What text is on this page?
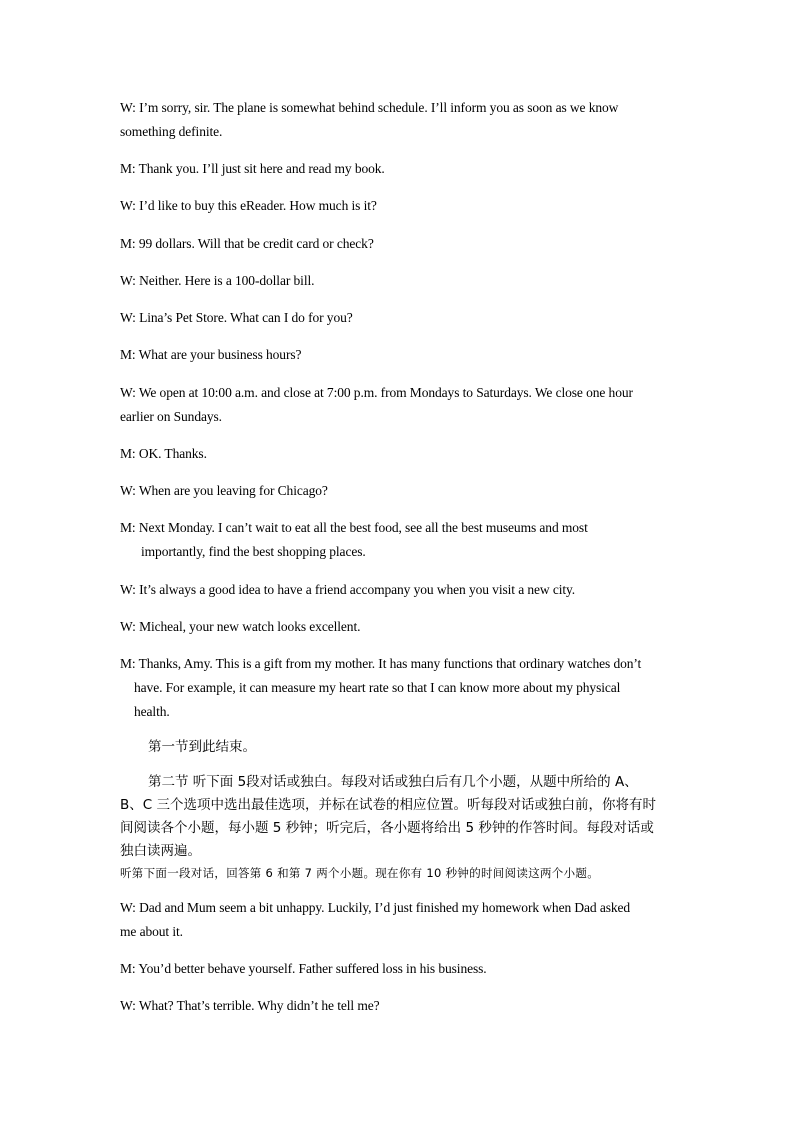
W: I’m sorry, sir. The plane is somewhat behind schedule. I’ll inform you as soon as we know
something definite.
M: Thank you. I’ll just sit here and read my book.
W: I’d like to buy this eReader. How much is it?
M: 99 dollars. Will that be credit card or check?
W: Neither. Here is a 100-dollar bill.
W: Lina’s Pet Store. What can I do for you?
M: What are your business hours?
W: We open at 10:00 a.m. and close at 7:00 p.m. from Mondays to Saturdays. We close one hour
earlier on Sundays.
M: OK. Thanks.
W: When are you leaving for Chicago?
M: Next Monday. I can’t wait to eat all the best food, see all the best museums and most
importantly, find the best shopping places.
W: It’s always a good idea to have a friend accompany you when you visit a new city.
W: Micheal, your new watch looks excellent.
M: Thanks, Amy. This is a gift from my mother. It has many functions that ordinary watches don’t
have. For example, it can measure my heart rate so that I can know more about my physical
health.
第一节到此结束。
第二节 听下面 5段对话或独白。每段对话或独白后有几个小题，从题中所给的 A、
B、C 三个选项中选出最佳选项，并标在试卷的相应位置。听每段对话或独白前，你将有时
间阅读各个小题，每小题 5 秒钟；听完后，各小题将给出 5 秒钟的作答时间。每段对话或
独白读两遍。
听第下面一段对话，回答第 6 和第 7 两个小题。现在你有 10 秒钟的时间阅读这两个小题。
W: Dad and Mum seem a bit unhappy. Luckily, I’d just finished my homework when Dad asked
me about it.
M: You’d better behave yourself. Father suffered loss in his business.
W: What? That’s terrible. Why didn’t he tell me?
